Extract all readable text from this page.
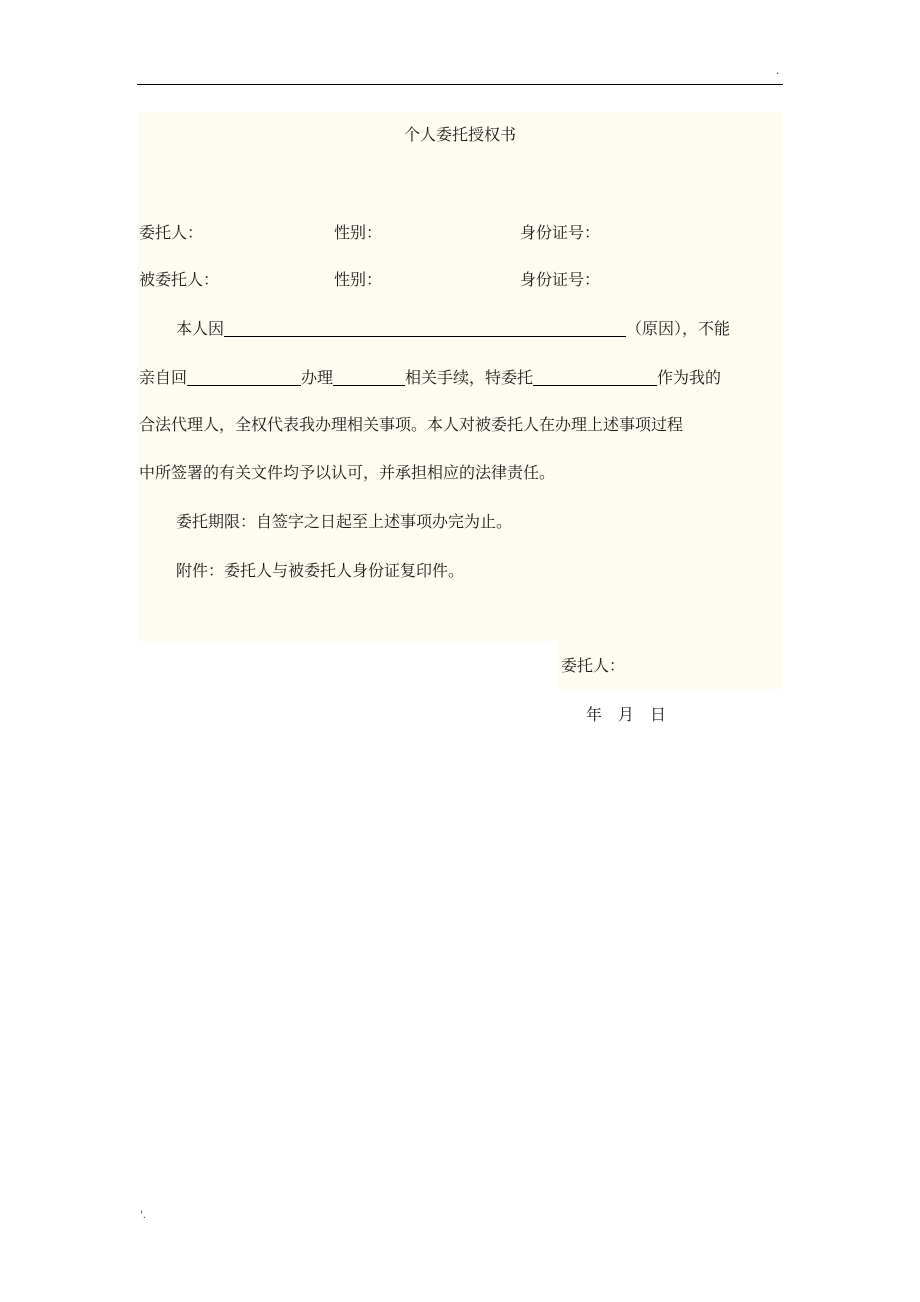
.
个人委托授权书
委托人：	性别：	身份证号：
被委托人：	性别：	身份证号：
本人因	（原因），不能
亲自回	办理	相关手续，特委托	作为我的
合法代理人，全权代表我办理相关事项。本人对被委托人在办理上述事项过程
中所签署的有关文件均予以认可，并承担相应的法律责任。
委托期限：自签字之日起至上述事项办完为止。
附件：委托人与被委托人身份证复印件。
委托人：
年　月　日
'.
